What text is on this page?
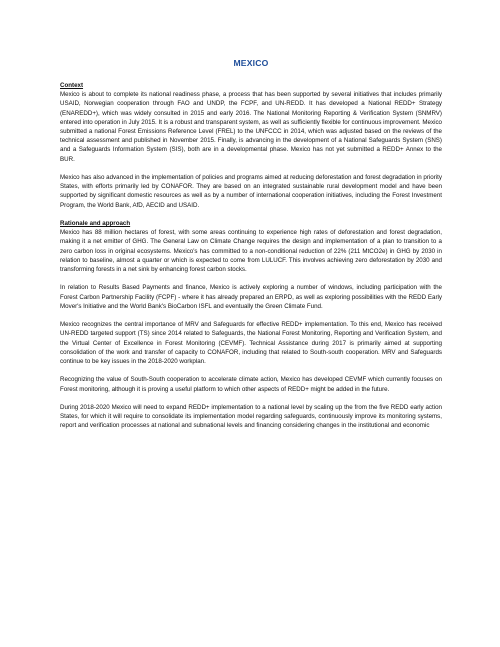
MEXICO

Context

Mexico is about to complete its national readiness phase, a process that has been supported by several initiatives that includes primarily USAID, Norwegian cooperation through FAO and UNDP, the FCPF, and UN-REDD. It has developed a National REDD+ Strategy (ENAREDD+), which was widely consulted in 2015 and early 2016. The National Monitoring Reporting & Verification System (SNMRV) entered into operation in July 2015. It is a robust and transparent system, as well as sufficiently flexible for continuous improvement. Mexico submitted a national Forest Emissions Reference Level (FREL) to the UNFCCC in 2014, which was adjusted based on the reviews of the technical assessment and published in November 2015. Finally, is advancing in the development of a National Safeguards System (SNS) and a Safeguards Information System (SIS), both are in a developmental phase. Mexico has not yet submitted a REDD+ Annex to the BUR.

Mexico has also advanced in the implementation of policies and programs aimed at reducing deforestation and forest degradation in priority States, with efforts primarily led by CONAFOR. They are based on an integrated sustainable rural development model and have been supported by significant domestic resources as well as by a number of international cooperation initiatives, including the Forest Investment Program, the World Bank, AfD, AECID and USAID.

Rationale and approach

Mexico has 88 million hectares of forest, with some areas continuing to experience high rates of deforestation and forest degradation, making it a net emitter of GHG. The General Law on Climate Change requires the design and implementation of a plan to transition to a zero carbon loss in original ecosystems. Mexico's has committed to a non-conditional reduction of 22% (211 MtCO2e) in GHG by 2030 in relation to baseline, almost a quarter or which is expected to come from LULUCF. This involves achieving zero deforestation by 2030 and transforming forests in a net sink by enhancing forest carbon stocks.

In relation to Results Based Payments and finance, Mexico is actively exploring a number of windows, including participation with the Forest Carbon Partnership Facility (FCPF) - where it has already prepared an ERPD, as well as exploring possibilities with the REDD Early Mover's Initiative and the World Bank's BioCarbon ISFL and eventually the Green Climate Fund.

Mexico recognizes the central importance of MRV and Safeguards for effective REDD+ implementation. To this end, Mexico has received UN-REDD targeted support (TS) since 2014 related to Safeguards, the National Forest Monitoring, Reporting and Verification System, and the Virtual Center of Excellence in Forest Monitoring (CEVMF). Technical Assistance during 2017 is primarily aimed at supporting consolidation of the work and transfer of capacity to CONAFOR, including that related to South-south cooperation. MRV and Safeguards continue to be key issues in the 2018-2020 workplan.

Recognizing the value of South-South cooperation to accelerate climate action, Mexico has developed CEVMF which currently focuses on Forest monitoring, although it is proving a useful platform to which other aspects of REDD+ might be added in the future.

During 2018-2020 Mexico will need to expand REDD+ implementation to a national level by scaling up the from the five REDD early action States, for which it will require to consolidate its implementation model regarding safeguards, continuously improve its monitoring systems, report and verification processes at national and subnational levels and financing considering changes in the institutional and economic
